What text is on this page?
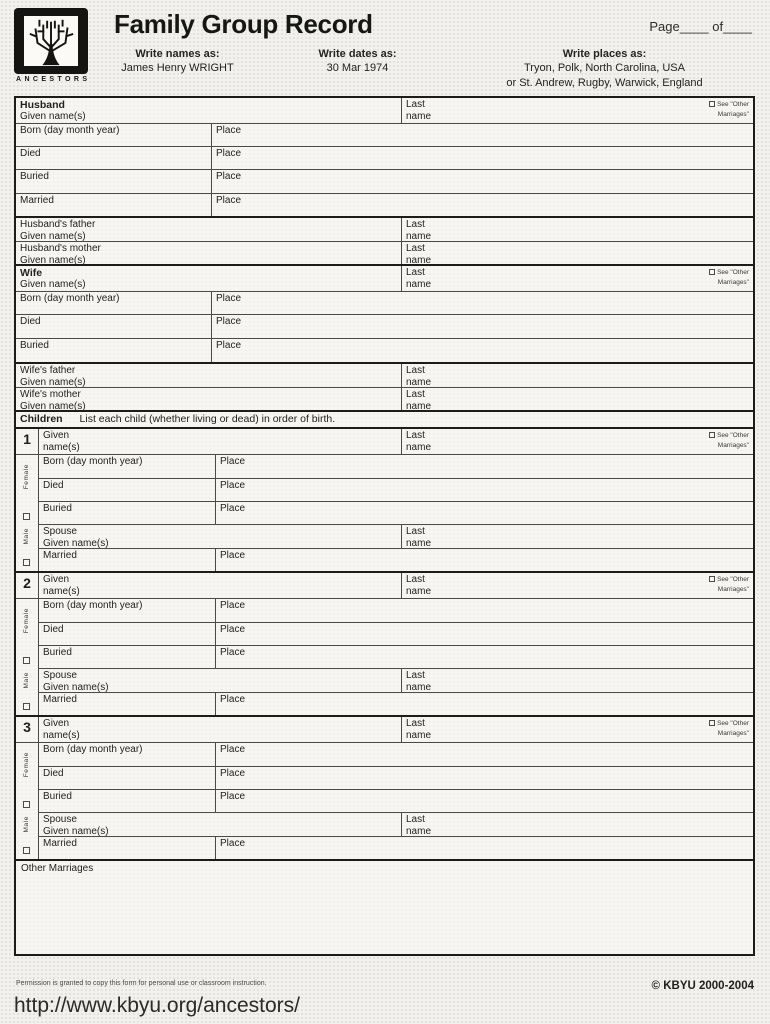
ANCESTORS
Family Group Record	Page____ of____
Write names as:
James Henry WRIGHT
Write dates as:
30 Mar 1974
Write places as:
Tryon, Polk, North Carolina, USA
or St. Andrew, Rugby, Warwick, England
Husband
Given name(s)
Last
name
See "Other
Marriages"
Born (day month year)	Place
Died	Place
Buried	Place
Married	Place
Husband's father
Given name(s)
Last
name
Husband's mother
Given name(s)
Last
name
Wife
Given name(s)
Last
name
See "Other
Marriages"
Born (day month year)	Place
Died	Place
Buried	Place
Wife's father
Given name(s)
Last
name
Wife's mother
Given name(s)
Last
name
Children List each child (whether living or dead) in order of birth.
1	Given
name(s)
Last
name
See "Other
Marriages"
Female
Male
Born (day month year)	Place
Died	Place
Buried	Place
Spouse
Given name(s)
Last
name
Married	Place
2	Given
name(s)
Last
name
See "Other
Marriages"
Female
Male
Born (day month year)	Place
Died	Place
Buried	Place
Spouse
Given name(s)
Last
name
Married	Place
3	Given
name(s)
Last
name
See "Other
Marriages"
Female
Male
Born (day month year)	Place
Died	Place
Buried	Place
Spouse
Given name(s)
Last
name
Married	Place
Other Marriages
Permission is granted to copy this form for personal use or classroom instruction.	© KBYU 2000-2004
http://www.kbyu.org/ancestors/
